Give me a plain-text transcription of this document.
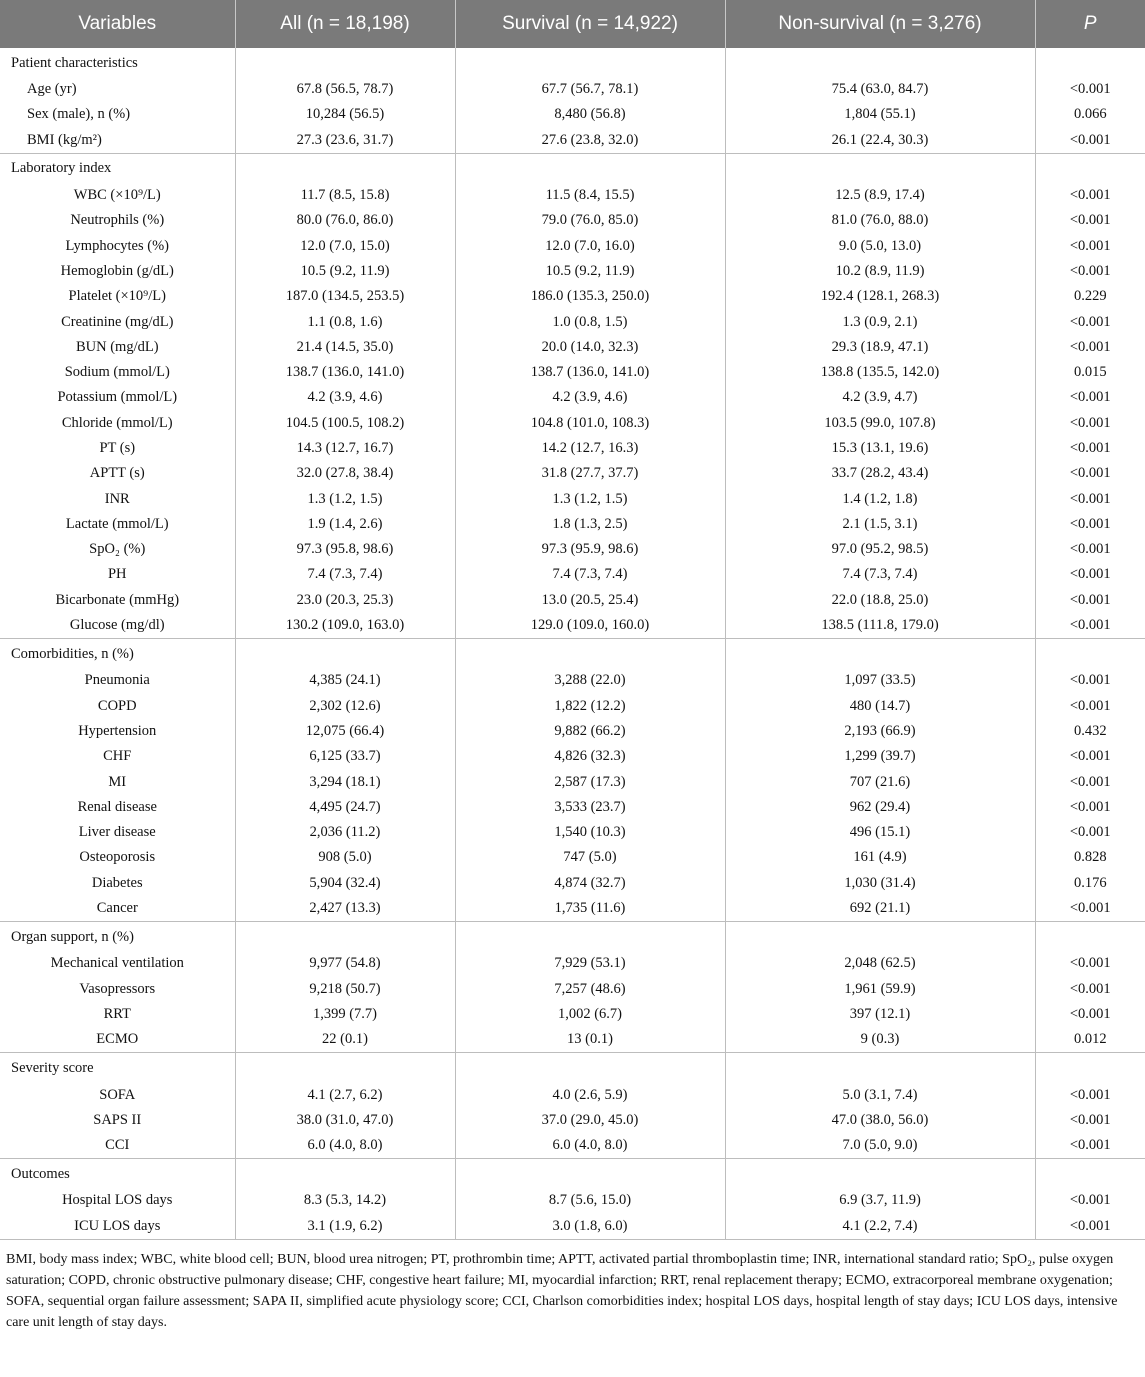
Variables	All (n = 18,198)	Survival (n = 14,922)	Non-survival (n = 3,276)	P
Patient characteristics				
Age (yr)	67.8 (56.5, 78.7)	67.7 (56.7, 78.1)	75.4 (63.0, 84.7)	<0.001
Sex (male), n (%)	10,284 (56.5)	8,480 (56.8)	1,804 (55.1)	0.066
BMI (kg/m²)	27.3 (23.6, 31.7)	27.6 (23.8, 32.0)	26.1 (22.4, 30.3)	<0.001
Laboratory index				
WBC (×10⁹/L)	11.7 (8.5, 15.8)	11.5 (8.4, 15.5)	12.5 (8.9, 17.4)	<0.001
Neutrophils (%)	80.0 (76.0, 86.0)	79.0 (76.0, 85.0)	81.0 (76.0, 88.0)	<0.001
Lymphocytes (%)	12.0 (7.0, 15.0)	12.0 (7.0, 16.0)	9.0 (5.0, 13.0)	<0.001
Hemoglobin (g/dL)	10.5 (9.2, 11.9)	10.5 (9.2, 11.9)	10.2 (8.9, 11.9)	<0.001
Platelet (×10⁹/L)	187.0 (134.5, 253.5)	186.0 (135.3, 250.0)	192.4 (128.1, 268.3)	0.229
Creatinine (mg/dL)	1.1 (0.8, 1.6)	1.0 (0.8, 1.5)	1.3 (0.9, 2.1)	<0.001
BUN (mg/dL)	21.4 (14.5, 35.0)	20.0 (14.0, 32.3)	29.3 (18.9, 47.1)	<0.001
Sodium (mmol/L)	138.7 (136.0, 141.0)	138.7 (136.0, 141.0)	138.8 (135.5, 142.0)	0.015
Potassium (mmol/L)	4.2 (3.9, 4.6)	4.2 (3.9, 4.6)	4.2 (3.9, 4.7)	<0.001
Chloride (mmol/L)	104.5 (100.5, 108.2)	104.8 (101.0, 108.3)	103.5 (99.0, 107.8)	<0.001
PT (s)	14.3 (12.7, 16.7)	14.2 (12.7, 16.3)	15.3 (13.1, 19.6)	<0.001
APTT (s)	32.0 (27.8, 38.4)	31.8 (27.7, 37.7)	33.7 (28.2, 43.4)	<0.001
INR	1.3 (1.2, 1.5)	1.3 (1.2, 1.5)	1.4 (1.2, 1.8)	<0.001
Lactate (mmol/L)	1.9 (1.4, 2.6)	1.8 (1.3, 2.5)	2.1 (1.5, 3.1)	<0.001
SpO₂ (%)	97.3 (95.8, 98.6)	97.3 (95.9, 98.6)	97.0 (95.2, 98.5)	<0.001
PH	7.4 (7.3, 7.4)	7.4 (7.3, 7.4)	7.4 (7.3, 7.4)	<0.001
Bicarbonate (mmHg)	23.0 (20.3, 25.3)	13.0 (20.5, 25.4)	22.0 (18.8, 25.0)	<0.001
Glucose (mg/dl)	130.2 (109.0, 163.0)	129.0 (109.0, 160.0)	138.5 (111.8, 179.0)	<0.001
Comorbidities, n (%)				
Pneumonia	4,385 (24.1)	3,288 (22.0)	1,097 (33.5)	<0.001
COPD	2,302 (12.6)	1,822 (12.2)	480 (14.7)	<0.001
Hypertension	12,075 (66.4)	9,882 (66.2)	2,193 (66.9)	0.432
CHF	6,125 (33.7)	4,826 (32.3)	1,299 (39.7)	<0.001
MI	3,294 (18.1)	2,587 (17.3)	707 (21.6)	<0.001
Renal disease	4,495 (24.7)	3,533 (23.7)	962 (29.4)	<0.001
Liver disease	2,036 (11.2)	1,540 (10.3)	496 (15.1)	<0.001
Osteoporosis	908 (5.0)	747 (5.0)	161 (4.9)	0.828
Diabetes	5,904 (32.4)	4,874 (32.7)	1,030 (31.4)	0.176
Cancer	2,427 (13.3)	1,735 (11.6)	692 (21.1)	<0.001
Organ support, n (%)				
Mechanical ventilation	9,977 (54.8)	7,929 (53.1)	2,048 (62.5)	<0.001
Vasopressors	9,218 (50.7)	7,257 (48.6)	1,961 (59.9)	<0.001
RRT	1,399 (7.7)	1,002 (6.7)	397 (12.1)	<0.001
ECMO	22 (0.1)	13 (0.1)	9 (0.3)	0.012
Severity score				
SOFA	4.1 (2.7, 6.2)	4.0 (2.6, 5.9)	5.0 (3.1, 7.4)	<0.001
SAPS II	38.0 (31.0, 47.0)	37.0 (29.0, 45.0)	47.0 (38.0, 56.0)	<0.001
CCI	6.0 (4.0, 8.0)	6.0 (4.0, 8.0)	7.0 (5.0, 9.0)	<0.001
Outcomes				
Hospital LOS days	8.3 (5.3, 14.2)	8.7 (5.6, 15.0)	6.9 (3.7, 11.9)	<0.001
ICU LOS days	3.1 (1.9, 6.2)	3.0 (1.8, 6.0)	4.1 (2.2, 7.4)	<0.001
BMI, body mass index; WBC, white blood cell; BUN, blood urea nitrogen; PT, prothrombin time; APTT, activated partial thromboplastin time; INR, international standard ratio; SpO₂, pulse oxygen saturation; COPD, chronic obstructive pulmonary disease; CHF, congestive heart failure; MI, myocardial infarction; RRT, renal replacement therapy; ECMO, extracorporeal membrane oxygenation; SOFA, sequential organ failure assessment; SAPA II, simplified acute physiology score; CCI, Charlson comorbidities index; hospital LOS days, hospital length of stay days; ICU LOS days, intensive care unit length of stay days.
